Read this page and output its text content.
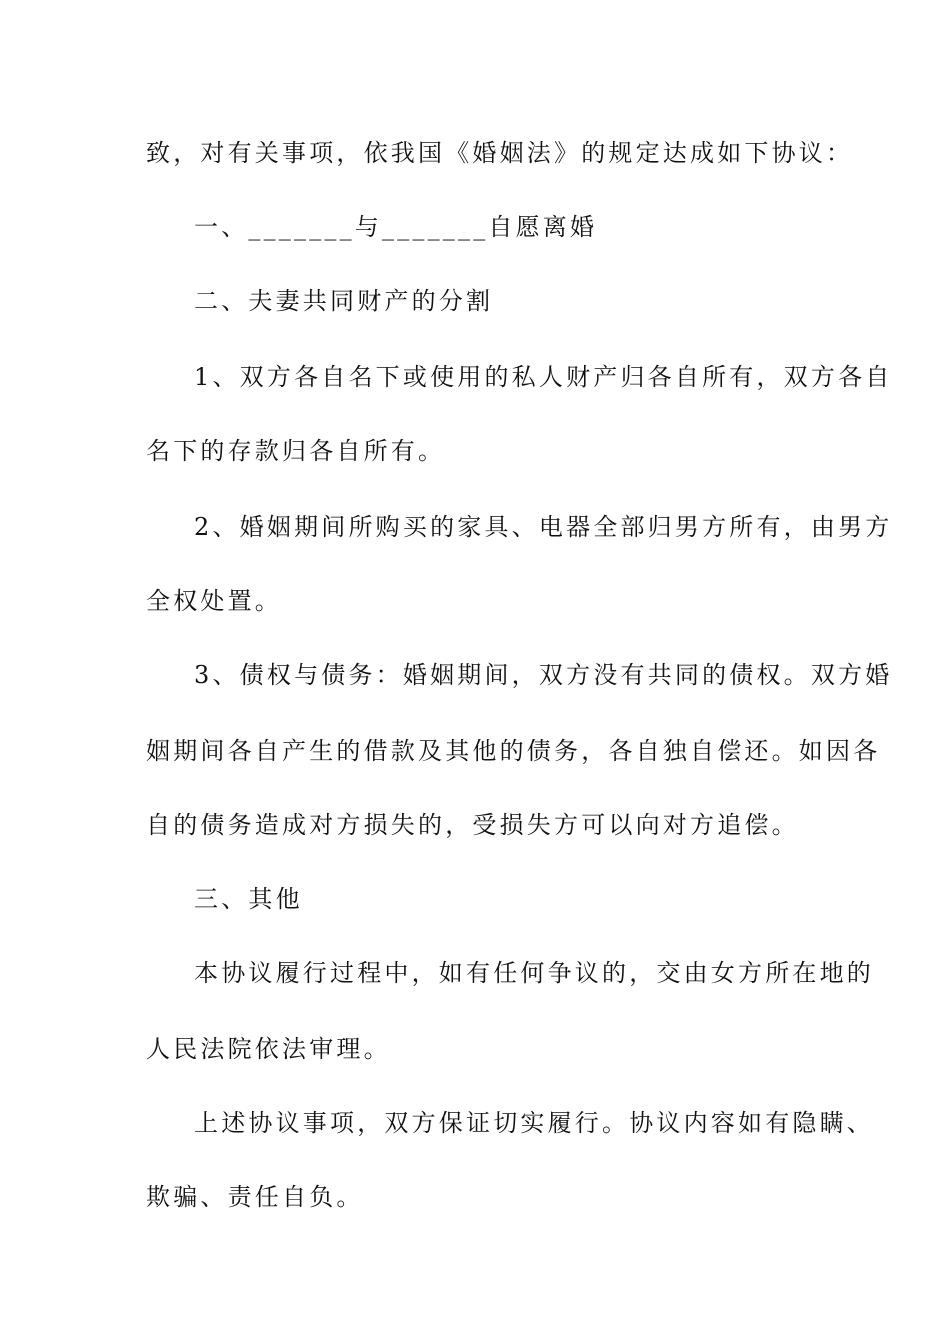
致，对有关事项，依我国《婚姻法》的规定达成如下协议：
一、_______与_______自愿离婚
二、夫妻共同财产的分割
1、双方各自名下或使用的私人财产归各自所有，双方各自
名下的存款归各自所有。
2、婚姻期间所购买的家具、电器全部归男方所有，由男方
全权处置。
3、债权与债务：婚姻期间，双方没有共同的债权。双方婚
姻期间各自产生的借款及其他的债务，各自独自偿还。如因各
自的债务造成对方损失的，受损失方可以向对方追偿。
三、其他
本协议履行过程中，如有任何争议的，交由女方所在地的
人民法院依法审理。
上述协议事项，双方保证切实履行。协议内容如有隐瞒、
欺骗、责任自负。
